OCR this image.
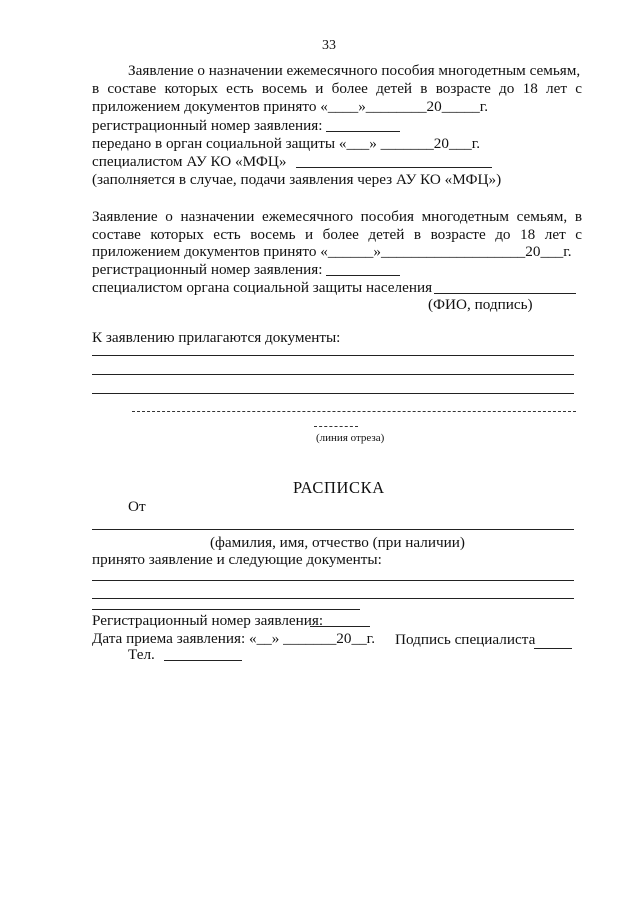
33
Заявление о назначении ежемесячного пособия многодетным семьям,
в составе которых есть восемь и более детей в возрасте до 18 лет с
приложением документов принято «____»________20_____г.
регистрационный номер заявления:
передано в орган социальной защиты «___» _______20___г.
специалистом АУ КО «МФЦ»
(заполняется в случае, подачи заявления через АУ КО «МФЦ»)
Заявление о назначении ежемесячного пособия многодетным семьям, в
составе которых есть восемь и более детей в возрасте до 18 лет с
приложением документов принято «______»___________________20___г.
регистрационный номер заявления:
специалистом органа социальной защиты населения
(ФИО, подпись)
К заявлению прилагаются документы:
(линия отреза)
РАСПИСКА
От
(фамилия, имя, отчество (при наличии)
принято заявление и следующие документы:
Регистрационный номер заявления:
Дата приема заявления: «__» _______20__г. Подпись специалиста
Тел.
